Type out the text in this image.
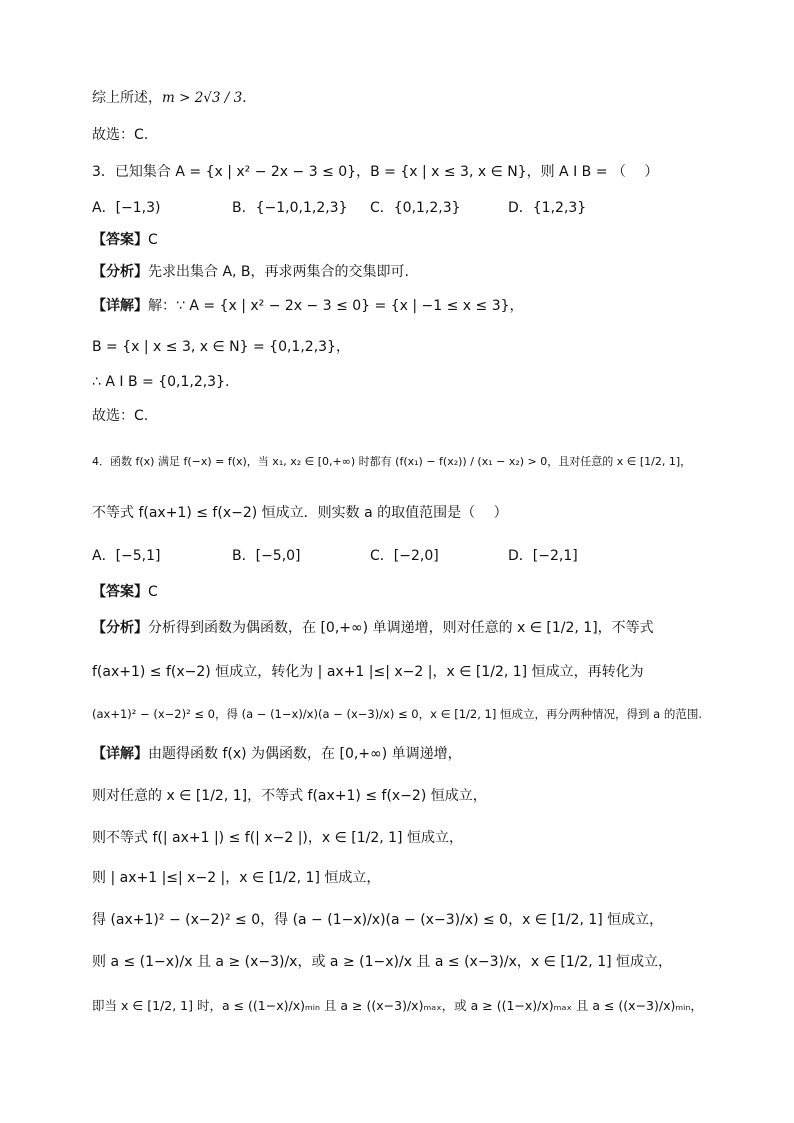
综上所述，m > 2√3 / 3.
故选：C.
3．已知集合 A = {x | x² − 2x − 3 ≤ 0}，B = {x | x ≤ 3, x ∈ N}，则 A I B = （　 ）
A．[−1,3)	B．{−1,0,1,2,3} C．{0,1,2,3}	D．{1,2,3}
【答案】C
【分析】先求出集合 A, B，再求两集合的交集即可.
【详解】解：∵ A = {x | x² − 2x − 3 ≤ 0} = {x | −1 ≤ x ≤ 3}，
B = {x | x ≤ 3, x ∈ N} = {0,1,2,3}，
∴ A I B = {0,1,2,3}.
故选：C.
4．函数 f(x) 满足 f(−x) = f(x)，当 x₁, x₂ ∈ [0,+∞) 时都有 (f(x₁) − f(x₂)) / (x₁ − x₂) > 0，且对任意的 x ∈ [1/2, 1]，
不等式 f(ax+1) ≤ f(x−2) 恒成立．则实数 a 的取值范围是（　 ）
A．[−5,1]	B．[−5,0]	C．[−2,0]	D．[−2,1]
【答案】C
【分析】分析得到函数为偶函数，在 [0,+∞) 单调递增，则对任意的 x ∈ [1/2, 1]，不等式
f(ax+1) ≤ f(x−2) 恒成立，转化为 | ax+1 |≤| x−2 |，x ∈ [1/2, 1] 恒成立，再转化为
(ax+1)² − (x−2)² ≤ 0，得 (a − (1−x)/x)(a − (x−3)/x) ≤ 0，x ∈ [1/2, 1] 恒成立，再分两种情况，得到 a 的范围.
【详解】由题得函数 f(x) 为偶函数，在 [0,+∞) 单调递增，
则对任意的 x ∈ [1/2, 1]，不等式 f(ax+1) ≤ f(x−2) 恒成立，
则不等式 f(| ax+1 |) ≤ f(| x−2 |)，x ∈ [1/2, 1] 恒成立，
则 | ax+1 |≤| x−2 |，x ∈ [1/2, 1] 恒成立，
得 (ax+1)² − (x−2)² ≤ 0，得 (a − (1−x)/x)(a − (x−3)/x) ≤ 0，x ∈ [1/2, 1] 恒成立，
则 a ≤ (1−x)/x 且 a ≥ (x−3)/x，或 a ≥ (1−x)/x 且 a ≤ (x−3)/x，x ∈ [1/2, 1] 恒成立，
即当 x ∈ [1/2, 1] 时，a ≤ ((1−x)/x)ₘᵢₙ 且 a ≥ ((x−3)/x)ₘₐₓ，或 a ≥ ((1−x)/x)ₘₐₓ 且 a ≤ ((x−3)/x)ₘᵢₙ，
